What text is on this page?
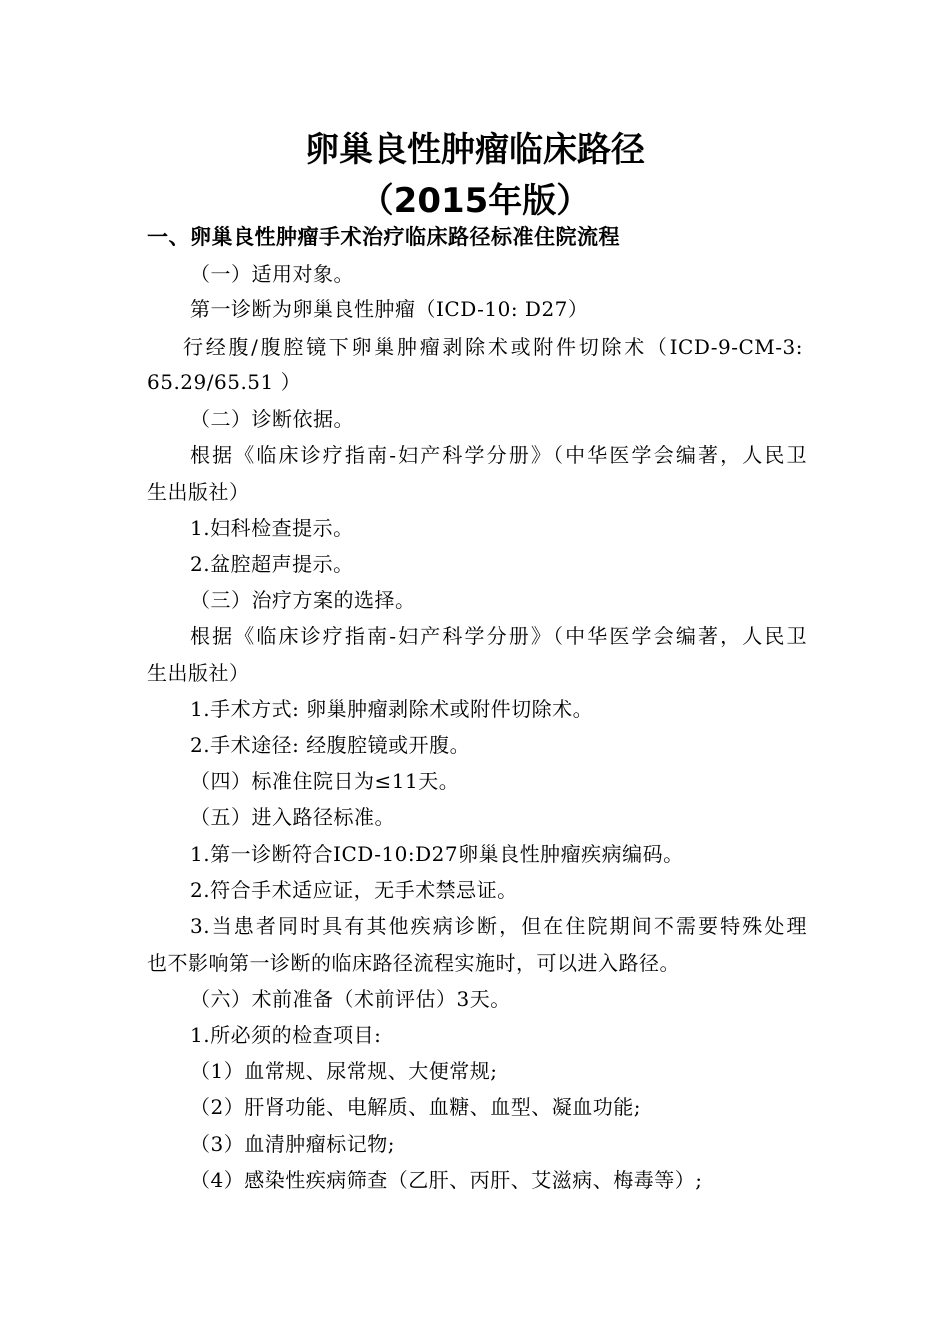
卵巢良性肿瘤临床路径
（2015年版）
一、卵巢良性肿瘤手术治疗临床路径标准住院流程
（一）适用对象。
第一诊断为卵巢良性肿瘤（ICD-10: D27）
行经腹/腹腔镜下卵巢肿瘤剥除术或附件切除术（ICD-9-CM-3:
65.29/65.51 ）
（二）诊断依据。
根据《临床诊疗指南-妇产科学分册》（中华医学会编著，人民卫
生出版社）
1.妇科检查提示。
2.盆腔超声提示。
（三）治疗方案的选择。
根据《临床诊疗指南-妇产科学分册》（中华医学会编著，人民卫
生出版社）
1.手术方式: 卵巢肿瘤剥除术或附件切除术。
2.手术途径: 经腹腔镜或开腹。
（四）标准住院日为≤11天。
（五）进入路径标准。
1.第一诊断符合ICD-10:D27卵巢良性肿瘤疾病编码。
2.符合手术适应证，无手术禁忌证。
3.当患者同时具有其他疾病诊断，但在住院期间不需要特殊处理
也不影响第一诊断的临床路径流程实施时，可以进入路径。
（六）术前准备（术前评估）3天。
1.所必须的检查项目:
（1）血常规、尿常规、大便常规;
（2）肝肾功能、电解质、血糖、血型、凝血功能;
（3）血清肿瘤标记物;
（4）感染性疾病筛查（乙肝、丙肝、艾滋病、梅毒等）;
